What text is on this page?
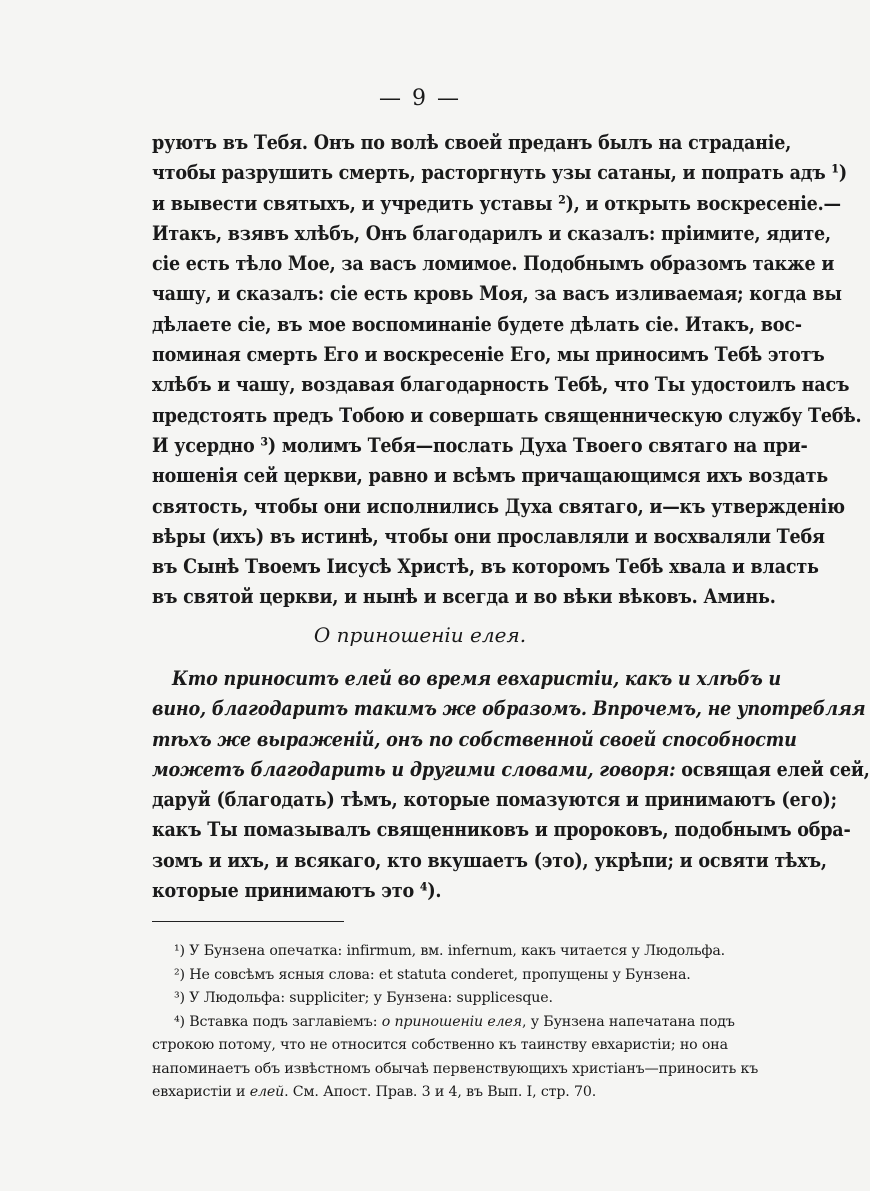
— 9 —
руютъ въ Тебя. Онъ по волѣ своей преданъ былъ на страданіе,
чтобы разрушить смерть, расторгнуть узы сатаны, и попрать адъ ¹)
и вывести святыхъ, и учредить уставы ²), и открыть воскресеніе.—
Итакъ, взявъ хлѣбъ, Онъ благодарилъ и сказалъ: пріимите, ядите,
сіе есть тѣло Мое, за васъ ломимое. Подобнымъ образомъ также и
чашу, и сказалъ: сіе есть кровь Моя, за васъ изливаемая; когда вы
дѣлаете сіе, въ мое воспоминаніе будете дѣлать сіе. Итакъ, вос-
поминая смерть Его и воскресеніе Его, мы приносимъ Тебѣ этотъ
хлѣбъ и чашу, воздавая благодарность Тебѣ, что Ты удостоилъ насъ
предстоять предъ Тобою и совершать священническую службу Тебѣ.
И усердно ³) молимъ Тебя—послать Духа Твоего святаго на при-
ношенія сей церкви, равно и всѣмъ причащающимся ихъ воздать
святость, чтобы они исполнились Духа святаго, и—къ утвержденію
вѣры (ихъ) въ истинѣ, чтобы они прославляли и восхваляли Тебя
въ Сынѣ Твоемъ Іисусѣ Христѣ, въ которомъ Тебѣ хвала и власть
въ святой церкви, и нынѣ и всегда и во вѣки вѣковъ. Аминь.
О приношеніи елея.
Кто приноситъ елей во время евхаристіи, какъ и хлѣбъ и
вино, благодаритъ такимъ же образомъ. Впрочемъ, не употребляя
тѣхъ же выраженій, онъ по собственной своей способности
можетъ благодарить и другими словами, говоря: освящая елей сей,
даруй (благодать) тѣмъ, которые помазуются и принимаютъ (его);
какъ Ты помазывалъ священниковъ и пророковъ, подобнымъ обра-
зомъ и ихъ, и всякаго, кто вкушаетъ (это), укрѣпи; и освяти тѣхъ,
которые принимаютъ это ⁴).
¹) У Бунзена опечатка: infirmum, вм. infernum, какъ читается у Людольфа.
²) Не совсѣмъ ясныя слова: et statuta conderet, пропущены у Бунзена.
³) У Людольфа: suppliciter; у Бунзена: supplicesque.
⁴) Вставка подъ заглавіемъ: о приношеніи елея, у Бунзена напечатана подъ
строкою потому, что не относится собственно къ таинству евхаристіи; но она
напоминаетъ объ извѣстномъ обычаѣ первенствующихъ христіанъ—приносить къ
евхаристіи и елей. См. Апост. Прав. 3 и 4, въ Вып. I, стр. 70.
